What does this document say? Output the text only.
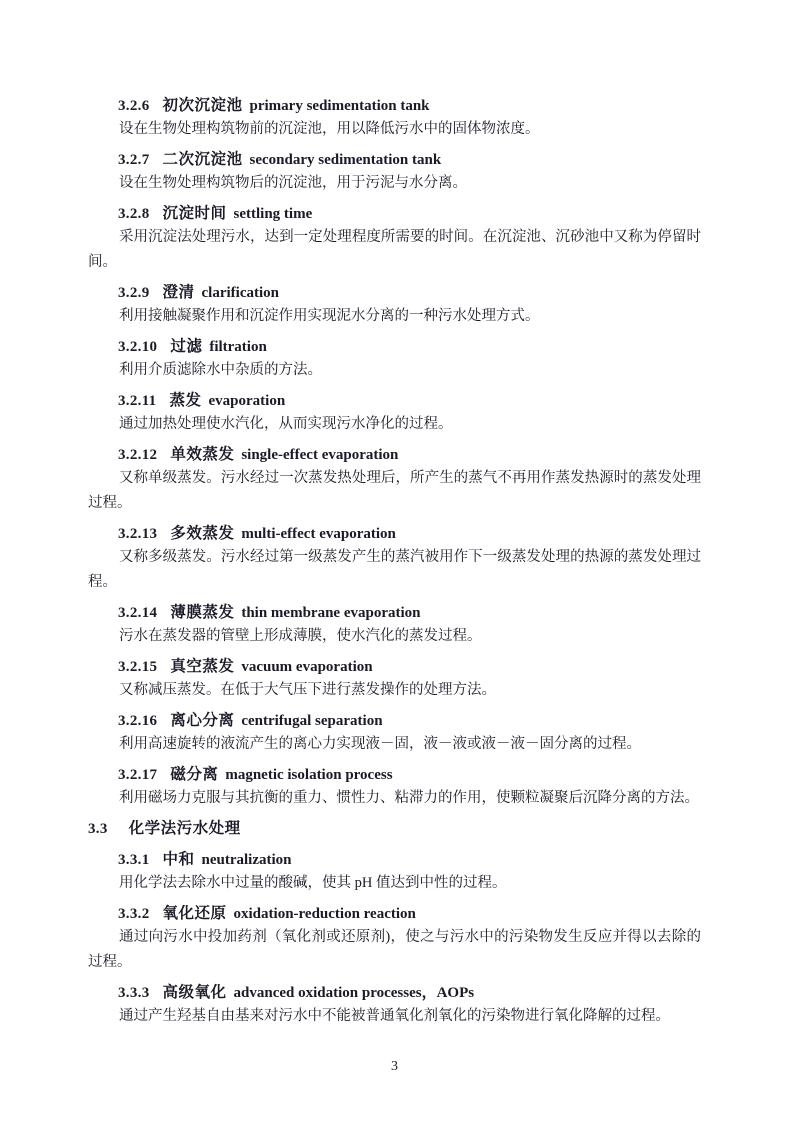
3.2.6 初次沉淀池 primary sedimentation tank
设在生物处理构筑物前的沉淀池，用以降低污水中的固体物浓度。
3.2.7 二次沉淀池 secondary sedimentation tank
设在生物处理构筑物后的沉淀池，用于污泥与水分离。
3.2.8 沉淀时间 settling time
采用沉淀法处理污水，达到一定处理程度所需要的时间。在沉淀池、沉砂池中又称为停留时间。
3.2.9 澄清 clarification
利用接触凝聚作用和沉淀作用实现泥水分离的一种污水处理方式。
3.2.10 过滤 filtration
利用介质滤除水中杂质的方法。
3.2.11 蒸发 evaporation
通过加热处理使水汽化，从而实现污水净化的过程。
3.2.12 单效蒸发 single-effect evaporation
又称单级蒸发。污水经过一次蒸发热处理后，所产生的蒸气不再用作蒸发热源时的蒸发处理过程。
3.2.13 多效蒸发 multi-effect evaporation
又称多级蒸发。污水经过第一级蒸发产生的蒸汽被用作下一级蒸发处理的热源的蒸发处理过程。
3.2.14 薄膜蒸发 thin membrane evaporation
污水在蒸发器的管壁上形成薄膜，使水汽化的蒸发过程。
3.2.15 真空蒸发 vacuum evaporation
又称减压蒸发。在低于大气压下进行蒸发操作的处理方法。
3.2.16 离心分离 centrifugal separation
利用高速旋转的液流产生的离心力实现液－固，液－液或液－液－固分离的过程。
3.2.17 磁分离 magnetic isolation process
利用磁场力克服与其抗衡的重力、惯性力、粘滞力的作用，使颗粒凝聚后沉降分离的方法。
3.3 化学法污水处理
3.3.1 中和 neutralization
用化学法去除水中过量的酸碱，使其 pH 值达到中性的过程。
3.3.2 氧化还原 oxidation-reduction reaction
通过向污水中投加药剂（氧化剂或还原剂)，使之与污水中的污染物发生反应并得以去除的过程。
3.3.3 高级氧化 advanced oxidation processes，AOPs
通过产生羟基自由基来对污水中不能被普通氧化剂氧化的污染物进行氧化降解的过程。
3
